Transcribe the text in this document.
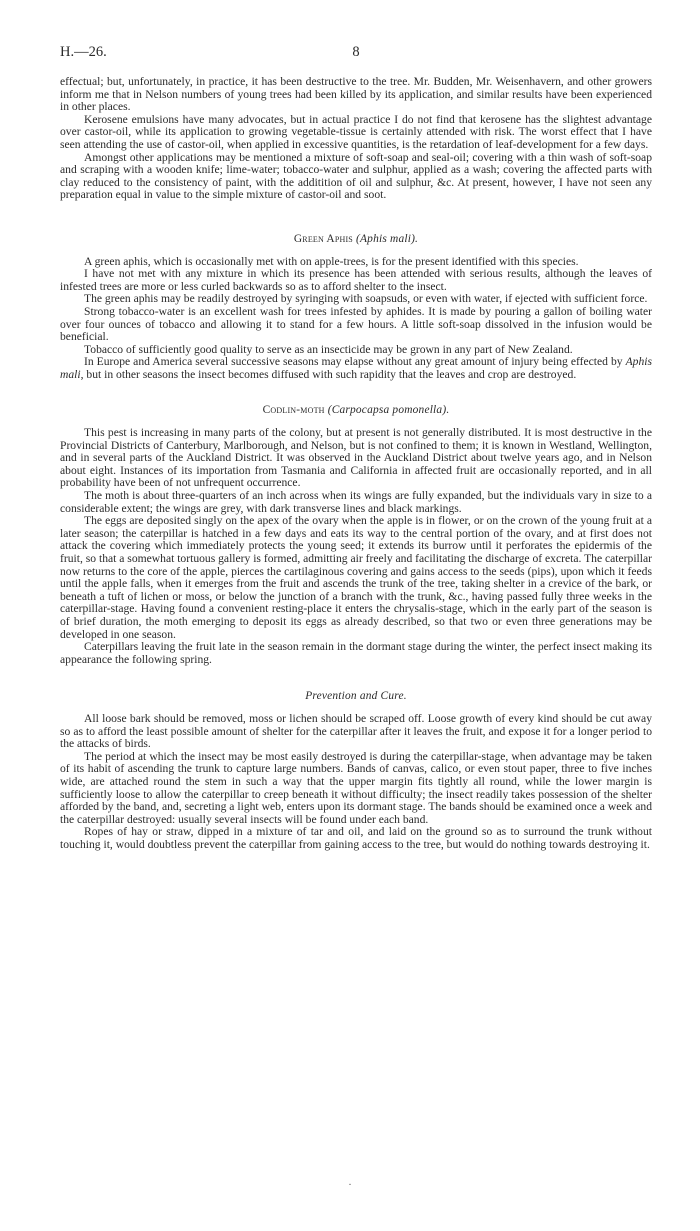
H.—26.	8

effectual; but, unfortunately, in practice, it has been destructive to the tree. Mr. Budden, Mr. Weisenhavern, and other growers inform me that in Nelson numbers of young trees had been killed by its application, and similar results have been experienced in other places.

Kerosene emulsions have many advocates, but in actual practice I do not find that kerosene has the slightest advantage over castor-oil, while its application to growing vegetable-tissue is certainly attended with risk. The worst effect that I have seen attending the use of castor-oil, when applied in excessive quantities, is the retardation of leaf-development for a few days.

Amongst other applications may be mentioned a mixture of soft-soap and seal-oil; covering with a thin wash of soft-soap and scraping with a wooden knife; lime-water; tobacco-water and sulphur, applied as a wash; covering the affected parts with clay reduced to the consistency of paint, with the additition of oil and sulphur, &c. At present, however, I have not seen any preparation equal in value to the simple mixture of castor-oil and soot.

Green Aphis (Aphis mali).

A green aphis, which is occasionally met with on apple-trees, is for the present identified with this species.

I have not met with any mixture in which its presence has been attended with serious results, although the leaves of infested trees are more or less curled backwards so as to afford shelter to the insect.

The green aphis may be readily destroyed by syringing with soapsuds, or even with water, if ejected with sufficient force.

Strong tobacco-water is an excellent wash for trees infested by aphides. It is made by pouring a gallon of boiling water over four ounces of tobacco and allowing it to stand for a few hours. A little soft-soap dissolved in the infusion would be beneficial.

Tobacco of sufficiently good quality to serve as an insecticide may be grown in any part of New Zealand.

In Europe and America several successive seasons may elapse without any great amount of injury being effected by Aphis mali, but in other seasons the insect becomes diffused with such rapidity that the leaves and crop are destroyed.

Codlin-moth (Carpocapsa pomonella).

This pest is increasing in many parts of the colony, but at present is not generally distributed. It is most destructive in the Provincial Districts of Canterbury, Marlborough, and Nelson, but is not confined to them; it is known in Westland, Wellington, and in several parts of the Auckland District. It was observed in the Auckland District about twelve years ago, and in Nelson about eight. Instances of its importation from Tasmania and California in affected fruit are occasionally reported, and in all probability have been of not unfrequent occurrence.

The moth is about three-quarters of an inch across when its wings are fully expanded, but the individuals vary in size to a considerable extent; the wings are grey, with dark transverse lines and black markings.

The eggs are deposited singly on the apex of the ovary when the apple is in flower, or on the crown of the young fruit at a later season; the caterpillar is hatched in a few days and eats its way to the central portion of the ovary, and at first does not attack the covering which immediately protects the young seed; it extends its burrow until it perforates the epidermis of the fruit, so that a somewhat tortuous gallery is formed, admitting air freely and facilitating the discharge of excreta. The caterpillar now returns to the core of the apple, pierces the cartilaginous covering and gains access to the seeds (pips), upon which it feeds until the apple falls, when it emerges from the fruit and ascends the trunk of the tree, taking shelter in a crevice of the bark, or beneath a tuft of lichen or moss, or below the junction of a branch with the trunk, &c., having passed fully three weeks in the caterpillar-stage. Having found a convenient resting-place it enters the chrysalis-stage, which in the early part of the season is of brief duration, the moth emerging to deposit its eggs as already described, so that two or even three generations may be developed in one season.

Caterpillars leaving the fruit late in the season remain in the dormant stage during the winter, the perfect insect making its appearance the following spring.

Prevention and Cure.

All loose bark should be removed, moss or lichen should be scraped off. Loose growth of every kind should be cut away so as to afford the least possible amount of shelter for the caterpillar after it leaves the fruit, and expose it for a longer period to the attacks of birds.

The period at which the insect may be most easily destroyed is during the caterpillar-stage, when advantage may be taken of its habit of ascending the trunk to capture large numbers. Bands of canvas, calico, or even stout paper, three to five inches wide, are attached round the stem in such a way that the upper margin fits tightly all round, while the lower margin is sufficiently loose to allow the caterpillar to creep beneath it without difficulty; the insect readily takes possession of the shelter afforded by the band, and, secreting a light web, enters upon its dormant stage. The bands should be examined once a week and the caterpillar destroyed: usually several insects will be found under each band.

Ropes of hay or straw, dipped in a mixture of tar and oil, and laid on the ground so as to surround the trunk without touching it, would doubtless prevent the caterpillar from gaining access to the tree, but would do nothing towards destroying it.

.
